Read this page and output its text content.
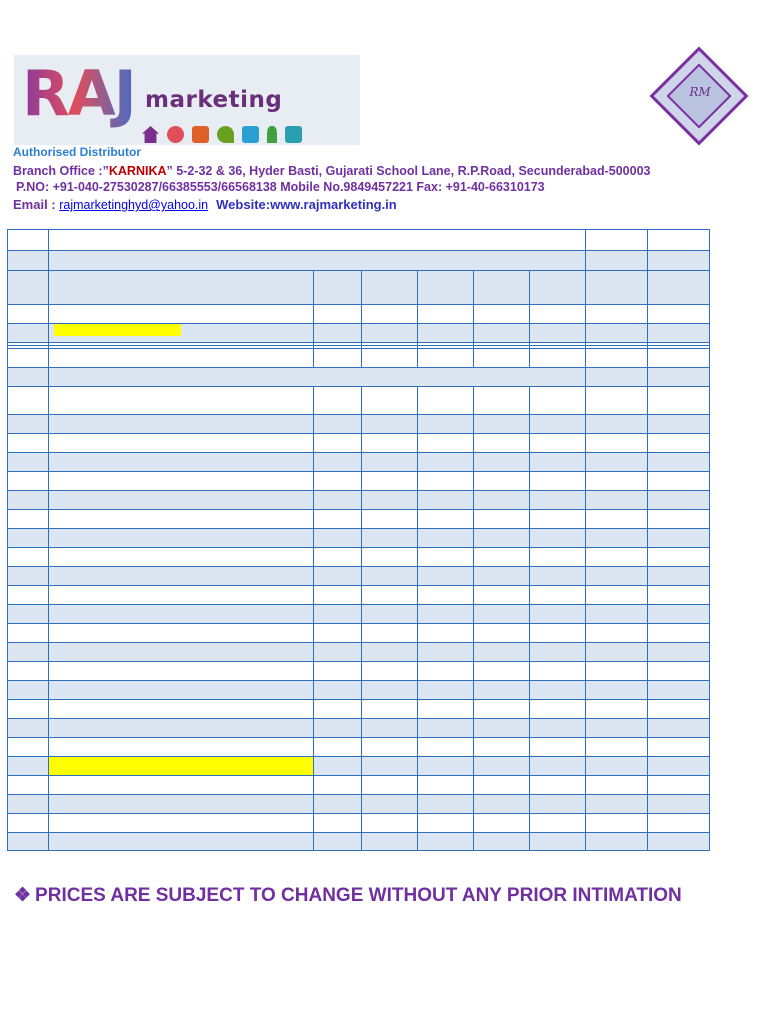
RAJ marketing	RM
Authorised Distributor
Branch Office :”KARNIKA” 5-2-32 & 36, Hyder Basti, Gujarati School Lane, R.P.Road, Secunderabad-500003
P.NO: +91-040-27530287/66385553/66568138 Mobile No.9849457221 Fax: +91-40-66310173
Email : rajmarketinghyd@yahoo.in Website:www.rajmarketing.in
❖ PRICES ARE SUBJECT TO CHANGE WITHOUT ANY PRIOR INTIMATION
